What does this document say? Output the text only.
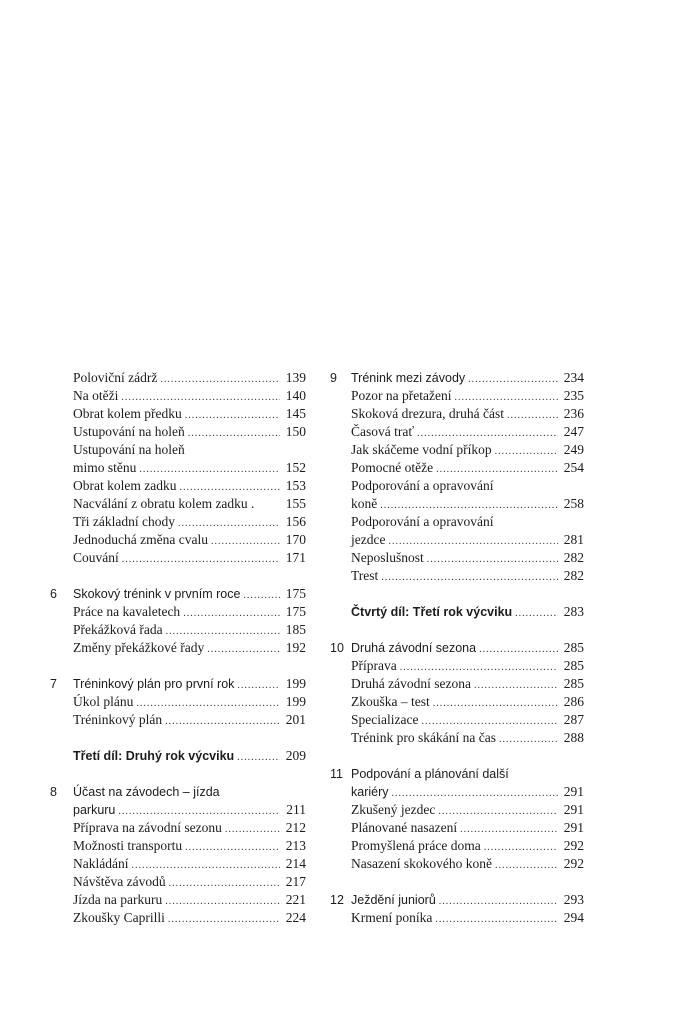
Poloviční zádrž .....	139
Na otěži .....	140
Obrat kolem předku .....	145
Ustupování na holeň .....	150
Ustupování na holeň
mimo stěnu .....	152
Obrat kolem zadku .....	153
Nacválání z obratu kolem zadku . 155
Tři základní chody .....	156
Jednoduchá změna cvalu .....	170
Couvání .....	171
6	Skokový trénink v prvním roce .....	175
Práce na kavaletech .....	175
Překážková řada .....	185
Změny překážkové řady .....	192
7	Tréninkový plán pro první rok .....	199
Úkol plánu .....	199
Tréninkový plán .....	201
Třetí díl: Druhý rok výcviku .....	209
8	Účast na závodech – jízda
parkuru .....	211
Příprava na závodní sezonu .....	212
Možnosti transportu .....	213
Nakládání .....	214
Návštěva závodů .....	217
Jízda na parkuru .....	221
Zkoušky Caprilli .....	224
9	Trénink mezi závody .....	234
Pozor na přetažení .....	235
Skoková drezura, druhá část .....	236
Časová trať .....	247
Jak skáčeme vodní příkop .....	249
Pomocné otěže .....	254
Podporování a opravování
koně .....	258
Podporování a opravování
jezdce .....	281
Neposlušnost .....	282
Trest .....	282
Čtvrtý díl: Třetí rok výcviku .....	283
10 Druhá závodní sezona .....	285
Příprava .....	285
Druhá závodní sezona .....	285
Zkouška – test .....	286
Specializace .....	287
Trénink pro skákání na čas .....	288
11 Podpování a plánování další
kariéry .....	291
Zkušený jezdec .....	291
Plánované nasazení .....	291
Promyšlená práce doma .....	292
Nasazení skokového koně .....	292
12 Ježdění juniorů .....	293
Krmení poníka .....	294
